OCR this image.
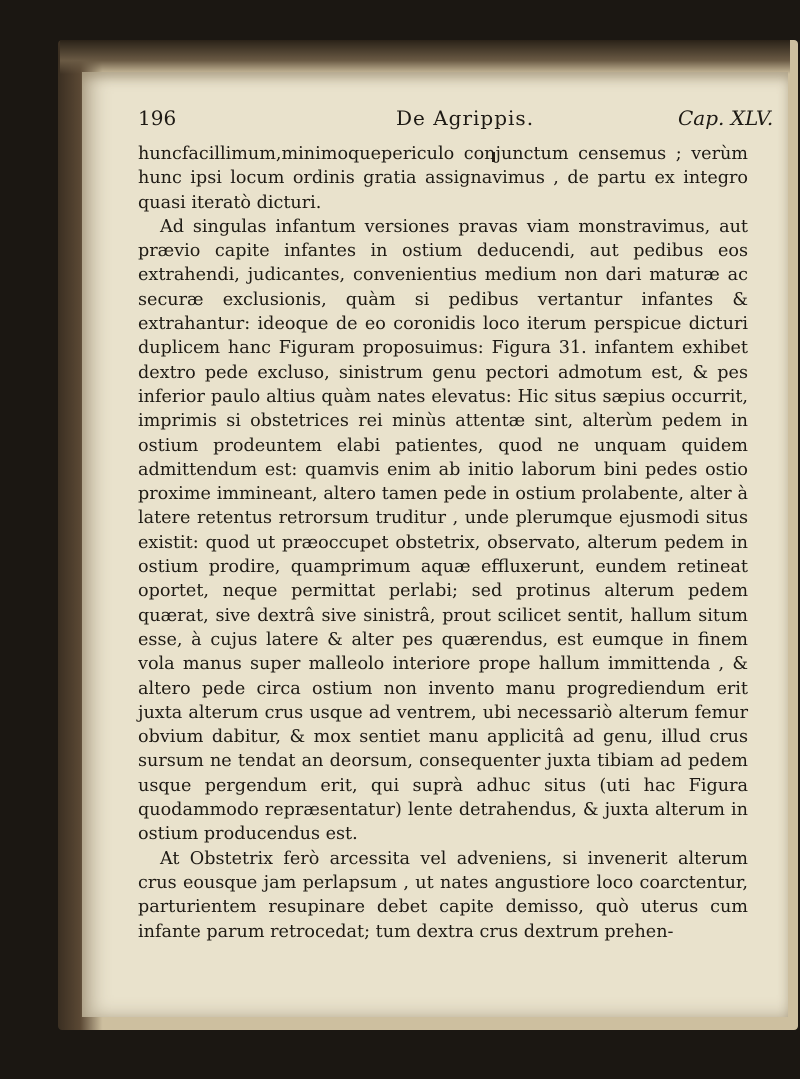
196	De Agrippis.	Cap. XLV.

huncfacillimum,minimoquepericulo conjunctum censemus ; verùm hunc ipsi locum ordinis gratia assignavimus , de partu ex integro quasi iteratò dicturi.

Ad singulas infantum versiones pravas viam monstravimus, aut prævio capite infantes in ostium deducendi, aut pedibus eos extrahendi, judicantes, convenientius medium non dari maturæ ac securæ exclusionis, quàm si pedibus vertantur infantes & extrahantur: ideoque de eo coronidis loco iterum perspicue dicturi duplicem hanc Figuram proposuimus: Figura 31. infantem exhibet dextro pede excluso, sinistrum genu pectori admotum est, & pes inferior paulo altius quàm nates elevatus: Hic situs sæpius occurrit, imprimis si obstetrices rei minùs attentæ sint, alterùm pedem in ostium prodeuntem elabi patientes, quod ne unquam quidem admittendum est: quamvis enim ab initio laborum bini pedes ostio proxime immineant, altero tamen pede in ostium prolabente, alter à latere retentus retrorsum truditur , unde plerumque ejusmodi situs existit: quod ut præoccupet obstetrix, observato, alterum pedem in ostium prodire, quamprimum aquæ effluxerunt, eundem retineat oportet, neque permittat perlabi; sed protinus alterum pedem quærat, sive dextrâ sive sinistrâ, prout scilicet sentit, hallum situm esse, à cujus latere & alter pes quærendus, est eumque in finem vola manus super malleolo interiore prope hallum immittenda , & altero pede circa ostium non invento manu progrediendum erit juxta alterum crus usque ad ventrem, ubi necessariò alterum femur obvium dabitur, & mox sentiet manu applicitâ ad genu, illud crus sursum ne tendat an deorsum, consequenter juxta tibiam ad pedem usque pergendum erit, qui suprà adhuc situs (uti hac Figura quodammodo repræsentatur) lente detrahendus, & juxta alterum in ostium producendus est.

At Obstetrix ferò arcessita vel adveniens, si invenerit alterum crus eousque jam perlapsum , ut nates angustiore loco coarctentur, parturientem resupinare debet capite demisso, quò uterus cum infante parum retrocedat; tum dextra crus dextrum prehen-
